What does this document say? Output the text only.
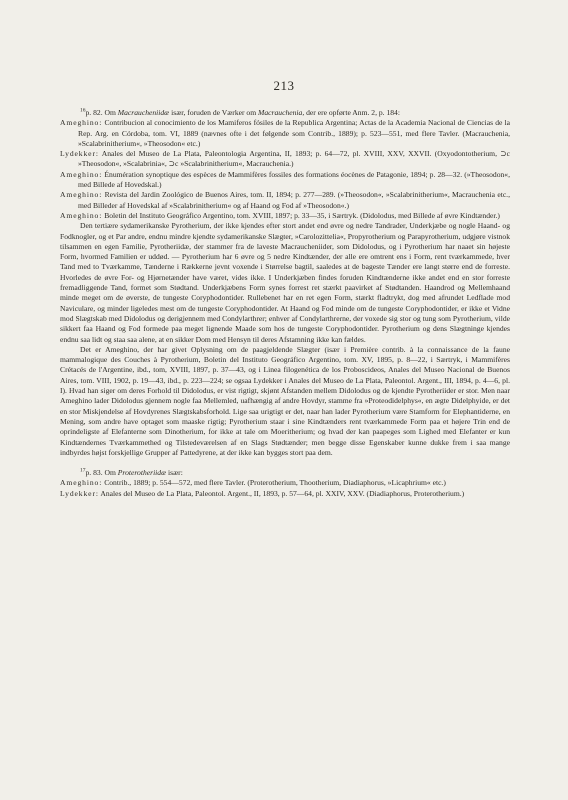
213

$^{16}$p. 82. Om Macraucheniidæ især, foruden de Værker om Macrauchenia, der ere opførte Anm. 2, p. 184:

Ameghino: Contribucion al conocimiento de los Mamiferos fósiles de la Republica Argentina; Actas de la Academia Nacional de Ciencias de la Rep. Arg. en Córdoba, tom. VI, 1889 (nævnes ofte i det følgende som Contrib., 1889); p. 523—551, med flere Tavler. (Macrauchenia, »Scalabrinitherium«, »Theosodon« etc.)

Lydekker: Anales del Museo de La Plata, Paleontologia Argentina, II, 1893; p. 64—72, pl. XVIII, XXV, XXVII. (Oxyodontotherium, ⊃c »Theosodon«, »Scalabrinia«, ⊃c »Scalabrinitherium«, Macrauchenia.)

Ameghino: Énumération synoptique des espèces de Mammifères fossiles des formations éocènes de Patagonie, 1894; p. 28—32. (»Theosodon«, med Billede af Hovedskal.)

Ameghino: Revista del Jardin Zoológico de Buenos Aires, tom. II, 1894; p. 277—289. (»Theosodon«, »Scalabrinitherium«, Macrauchenia etc., med Billeder af Hovedskal af »Scalabrinitherium« og af Haand og Fod af »Theosodon«.)

Ameghino: Boletin del Instituto Geográfico Argentino, tom. XVIII, 1897; p. 33—35, i Særtryk. (Didolodus, med Billede af øvre Kindtænder.)

Den tertiære sydamerikanske Pyrotherium, der ikke kjendes efter stort andet end øvre og nedre Tandrader, Underkjæbe og nogle Haand- og Fodknogler, og et Par andre, endnu mindre kjendte sydamerikanske Slægter, »Carolozittelia«, Propyrotherium og Parapyrotherium, udgjøre vistnok tilsammen en egen Familie, Pyrotheriidæ, der stammer fra de laveste Macraucheniider, som Didolodus, og i Pyrotherium har naaet sin højeste Form, hvormed Familien er uddød. — Pyrotherium har 6 øvre og 5 nedre Kindtænder, der alle ere omtrent ens i Form, rent tværkammede, hver Tand med to Tværkamme, Tænderne i Rækkerne jevnt voxende i Størrelse bagtil, saaledes at de bageste Tænder ere langt større end de forreste. Hvorledes de øvre For- og Hjørnetænder have været, vides ikke. I Underkjæben findes foruden Kindtænderne ikke andet end en stor forreste fremadliggende Tand, formet som Stødtand. Underkjæbens Form synes forrest ret stærkt paavirket af Stødtanden. Haandrod og Mellemhaand minde meget om de øverste, de tungeste Coryphodontider. Rullebenet har en ret egen Form, stærkt fladtrykt, dog med afrundet Ledflade mod Naviculare, og minder ligeledes mest om de tungeste Coryphodontider. At Haand og Fod minde om de tungeste Coryphodontider, er ikke et Vidne mod Slægtskab med Didolodus og derigjennem med Condylarthrer; enhver af Condylarthrerne, der voxede sig stor og tung som Pyrotherium, vilde sikkert faa Haand og Fod formede paa meget lignende Maade som hos de tungeste Coryphodontider. Pyrotherium og dens Slægtninge kjendes endnu saa lidt og staa saa alene, at en sikker Dom med Hensyn til deres Afstamning ikke kan fældes.

Det er Ameghino, der har givet Oplysning om de paagjeldende Slægter (især i Première contrib. à la connaissance de la faune mammalogique des Couches à Pyrotherium, Boletin del Instituto Geográfico Argentino, tom. XV, 1895, p. 8—22, i Særtryk, i Mammifères Crétacés de l'Argentine, ibd., tom, XVIII, 1897, p. 37—43, og i Linea filogenética de los Proboscideos, Anales del Museo Nacional de Buenos Aires, tom. VIII, 1902, p. 19—43, ibd., p. 223—224; se ogsaa Lydekker i Anales del Museo de La Plata, Paleontol. Argent., III, 1894, p. 4—6, pl. I). Hvad han siger om deres Forhold til Didolodus, er vist rigtigt, skjønt Afstanden mellem Didolodus og de kjendte Pyrotheriider er stor. Men naar Ameghino lader Didolodus gjennem nogle faa Mellemled, uafhængig af andre Hovdyr, stamme fra »Proteodidelphys«, en ægte Didelphyide, er det en stor Miskjendelse af Hovdyrenes Slægtskabsforhold. Lige saa urigtigt er det, naar han lader Pyrotherium være Stamform for Elephantiderne, en Mening, som andre have optaget som maaske rigtig; Pyrotherium staar i sine Kindtænders rent tværkammede Form paa et højere Trin end de oprindeligste af Elefanterne som Dinotherium, for ikke at tale om Moeritherium; og hvad der kan paapeges som Lighed med Elefanter er kun Kindtændernes Tværkammethed og Tilstedeværelsen af en Slags Stødtænder; men begge disse Egenskaber kunne dukke frem i saa mange indbyrdes højst forskjellige Grupper af Pattedyrene, at der ikke kan bygges stort paa dem.

$^{17}$p. 83. Om Proterotheriidæ især:

Ameghino: Contrib., 1889; p. 554—572, med flere Tavler. (Proterotherium, Thootherium, Diadiaphorus, »Licaphrium« etc.)

Lydekker: Anales del Museo de La Plata, Paleontol. Argent., II, 1893, p. 57—64, pl. XXIV, XXV. (Diadiaphorus, Proterotherium.)
